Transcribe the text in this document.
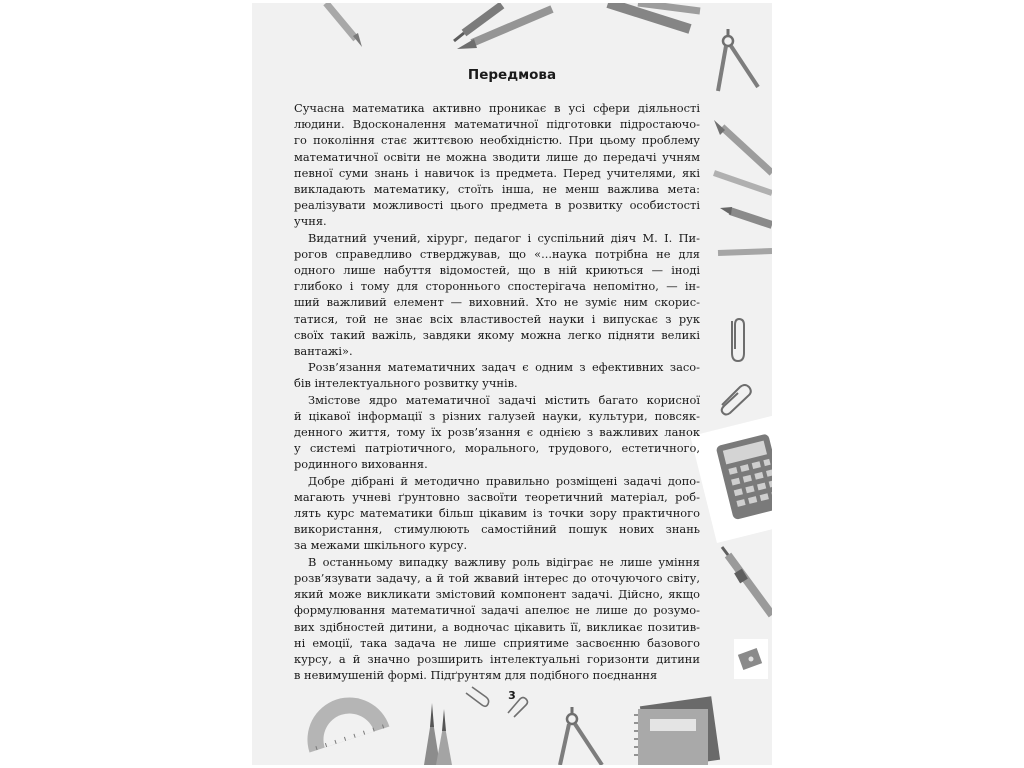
Передмова
Сучасна математика активно проникає в усі сфери діяльності
людини. Вдосконалення математичної підготовки підростаючо-
го покоління стає життєвою необхідністю. При цьому проблему
математичної освіти не можна зводити лише до передачі учням
певної суми знань і навичок із предмета. Перед учителями, які
викладають математику, стоїть інша, не менш важлива мета:
реалізувати можливості цього предмета в розвитку особистості
учня.
Видатний учений, хірург, педагог і суспільний діяч М. І. Пи-
рогов справедливо стверджував, що «...наука потрібна не для
одного лише набуття відомостей, що в ній криються — іноді
глибоко і тому для стороннього спостерігача непомітно, — ін-
ший важливий елемент — виховний. Хто не зуміє ним скорис-
татися, той не знає всіх властивостей науки і випускає з рук
своїх такий важіль, завдяки якому можна легко підняти великі
вантажі».
Розв’язання математичних задач є одним з ефективних засо-
бів інтелектуального розвитку учнів.
Змістове ядро математичної задачі містить багато корисної
й цікавої інформації з різних галузей науки, культури, повсяк-
денного життя, тому їх розв’язання є однією з важливих ланок
у системі патріотичного, морального, трудового, естетичного,
родинного виховання.
Добре дібрані й методично правильно розміщені задачі допо-
магають учневі ґрунтовно засвоїти теоретичний матеріал, роб-
лять курс математики більш цікавим із точки зору практичного
використання, стимулюють самостійний пошук нових знань
за межами шкільного курсу.
В останньому випадку важливу роль відіграє не лише уміння
розв’язувати задачу, а й той жвавий інтерес до оточуючого світу,
який може викликати змістовий компонент задачі. Дійсно, якщо
формулювання математичної задачі апелює не лише до розумо-
вих здібностей дитини, а водночас цікавить її, викликає позитив-
ні емоції, така задача не лише сприятиме засвоєнню базового
курсу, а й значно розширить інтелектуальні горизонти дитини
в невимушеній формі. Підґрунтям для подібного поєднання
3
